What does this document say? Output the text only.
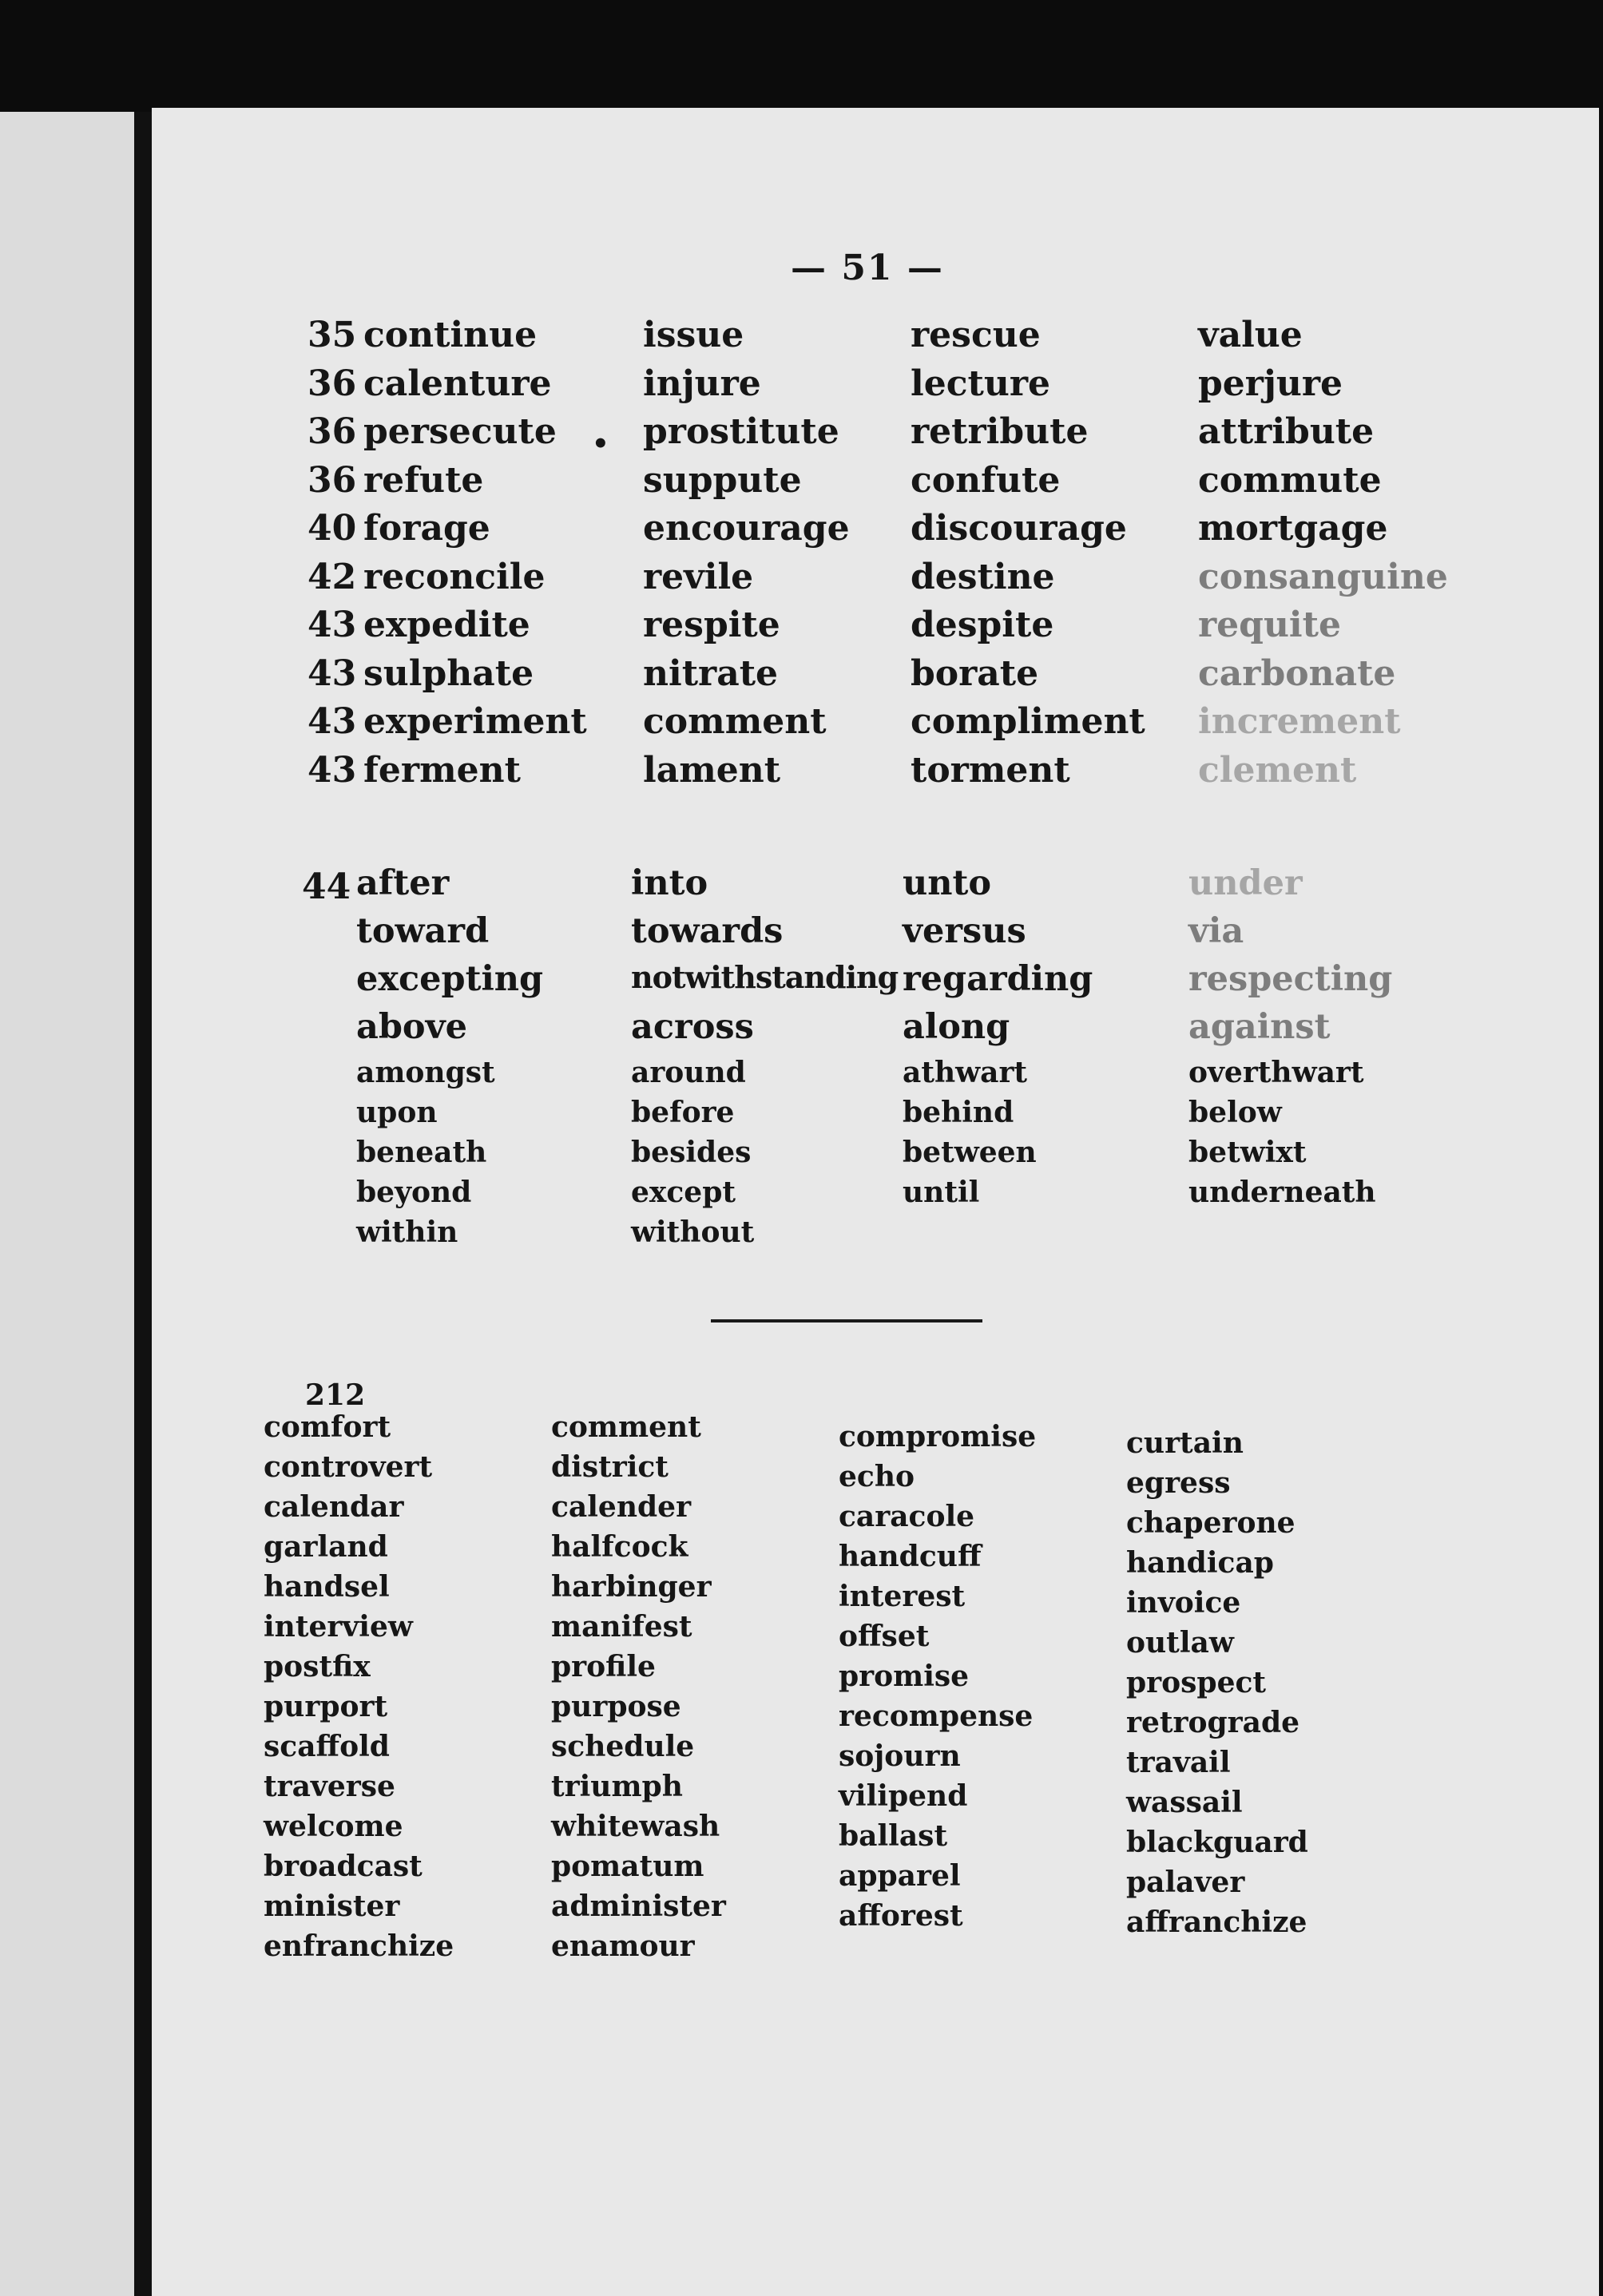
— 51 —
•
35 continue
36 calenture
36 persecute
36 refute
40 forage
42 reconcile
43 expedite
43 sulphate
43 experiment
43 ferment
issue
injure
prostitute
suppute
encourage
revile
respite
nitrate
comment
lament
rescue
lecture
retribute
confute
discourage
destine
despite
borate
compliment
torment
value
perjure
attribute
commute
mortgage
consanguine
requite
carbonate
increment
clement
44 after
toward
excepting
above
amongst
upon
beneath
beyond
within
into
towards
notwithstanding
across
around
before
besides
except
without
unto
versus
regarding
along
athwart
behind
between
until
under
via
respecting
against
overthwart
below
betwixt
underneath
212
comfort
controvert
calendar
garland
handsel
interview
postfix
purport
scaffold
traverse
welcome
broadcast
minister
enfranchize
comment
district
calender
halfcock
harbinger
manifest
profile
purpose
schedule
triumph
whitewash
pomatum
administer
enamour
compromise
echo
caracole
handcuff
interest
offset
promise
recompense
sojourn
vilipend
ballast
apparel
afforest
curtain
egress
chaperone
handicap
invoice
outlaw
prospect
retrograde
travail
wassail
blackguard
palaver
affranchize
